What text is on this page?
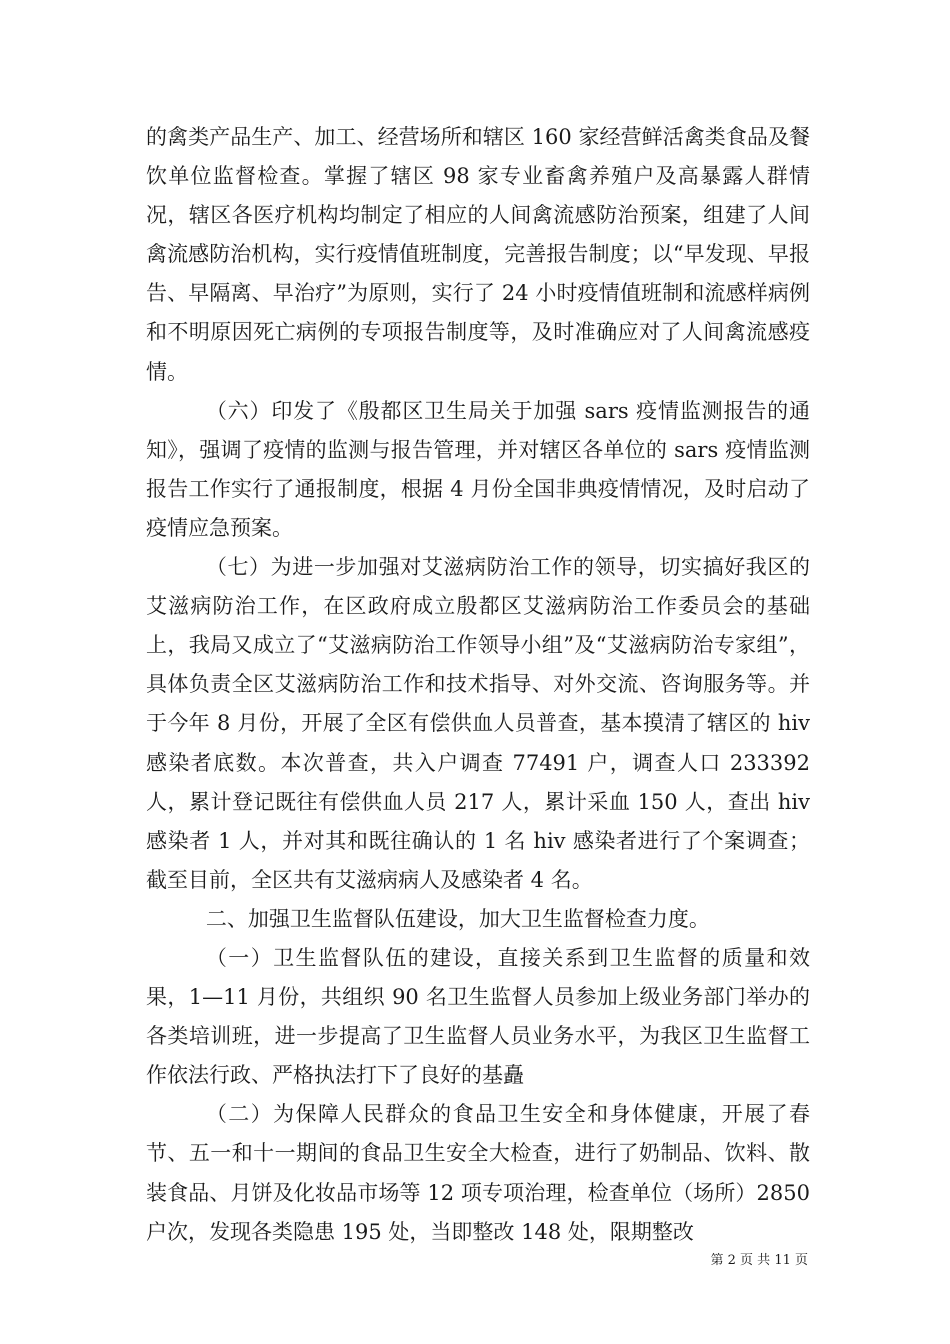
的禽类产品生产、加工、经营场所和辖区 160 家经营鲜活禽类食品及餐饮单位监督检查。掌握了辖区 98 家专业畜禽养殖户及高暴露人群情况，辖区各医疗机构均制定了相应的人间禽流感防治预案，组建了人间禽流感防治机构，实行疫情值班制度，完善报告制度；以“早发现、早报告、早隔离、早治疗”为原则，实行了 24 小时疫情值班制和流感样病例和不明原因死亡病例的专项报告制度等，及时准确应对了人间禽流感疫情。

（六）印发了《殷都区卫生局关于加强 sars 疫情监测报告的通知》，强调了疫情的监测与报告管理，并对辖区各单位的 sars 疫情监测报告工作实行了通报制度，根据 4 月份全国非典疫情情况，及时启动了疫情应急预案。

（七）为进一步加强对艾滋病防治工作的领导，切实搞好我区的艾滋病防治工作，在区政府成立殷都区艾滋病防治工作委员会的基础上，我局又成立了“艾滋病防治工作领导小组”及“艾滋病防治专家组”，具体负责全区艾滋病防治工作和技术指导、对外交流、咨询服务等。并于今年 8 月份，开展了全区有偿供血人员普查，基本摸清了辖区的 hiv 感染者底数。本次普查，共入户调查 77491 户，调查人口 233392 人，累计登记既往有偿供血人员 217 人，累计采血 150 人，查出 hiv 感染者 1 人，并对其和既往确认的 1 名 hiv 感染者进行了个案调查；截至目前，全区共有艾滋病病人及感染者 4 名。

二、加强卫生监督队伍建设，加大卫生监督检查力度。

（一）卫生监督队伍的建设，直接关系到卫生监督的质量和效果，1—11 月份，共组织 90 名卫生监督人员参加上级业务部门举办的各类培训班，进一步提高了卫生监督人员业务水平，为我区卫生监督工作依法行政、严格执法打下了良好的基矗

（二）为保障人民群众的食品卫生安全和身体健康，开展了春节、五一和十一期间的食品卫生安全大检查，进行了奶制品、饮料、散装食品、月饼及化妆品市场等 12 项专项治理，检查单位（场所）2850 户次，发现各类隐患 195 处，当即整改 148 处，限期整改

第 2 页 共 11 页
